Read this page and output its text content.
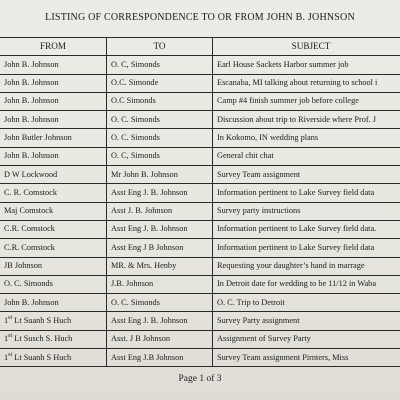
LISTING OF CORRESPONDENCE TO OR FROM JOHN B. JOHNSON
FROM	TO	SUBJECT
John B. Johnson	O. C, Simonds	Earl House Sackets Harbor summer job
John B. Johnson	O.C. Simonde	Escanaba, MI talking about returning to school i
John B. Johnson	O.C Simonds	Camp #4 finish summer job before college
John B. Johnson	O. C. Simonds	Discussion about trip to Riverside where Prof. J
John Butler Johnson	O. C. Simonds	In Kokomo, IN wedding plans
John B. Johnson	O. C, Simonds	General chit chat
D W Lockwood	Mr John B. Johnson	Survey Team assignment
C. R. Comstock	Asst Eng J. B. Johnson	Information pertinent to Lake Survey field data
Maj Comstock	Asst J. B. Johnson	Survey party instructions
C.R. Comstock	Asst Eng J. B. Johnson	Information pertinent to Lake Survey field data.
C.R. Comstock	Asst Eng J B Johnson	Information pertinent to Lake Survey field data
JB Johnson	MR. & Mrs. Henby	Requesting your daughter’s hand in marrage
O. C. Simonds	J.B. Johnson	In Detroit date for wedding to be 11/12 in Waba
John B. Johnson	O. C. Simonds	O. C. Trip to Detroit
1st Lt Suanh S Huch	Asst Eng J. B. Johnson	Survey Party assignment
1st Lt Susch S. Huch	Asst. J B Johnson	Assignment of Survey Party
1st Lt Suanh S Huch	Asst Eng J.B Johnson	Survey Team assignment Pirnters, Miss
Page 1 of 3
